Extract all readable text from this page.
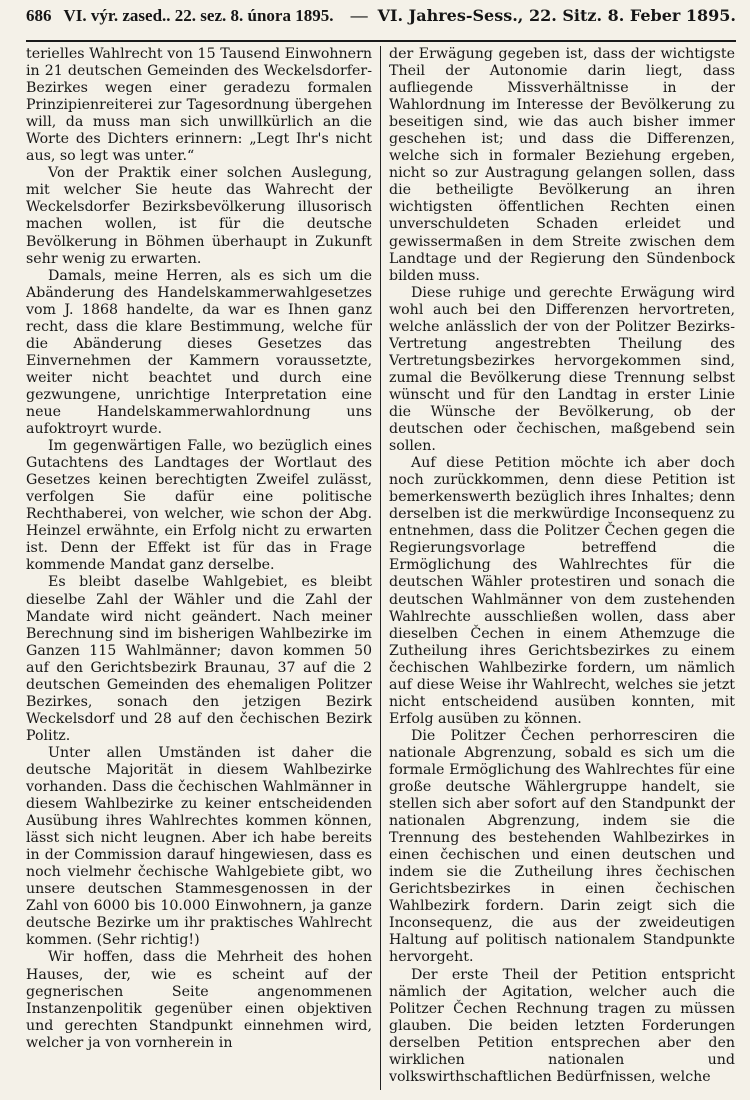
686 VI. výr. zased.. 22. sez. 8. února 1895.	— VI. Jahres-Sess., 22. Sitz. 8. Feber 1895.

terielles Wahlrecht von 15 Tausend Einwohnern in 21 deutschen Gemeinden des Weckelsdorfer-Bezirkes wegen einer geradezu formalen Prinzipienreiterei zur Tagesordnung übergehen will, da muss man sich unwillkürlich an die Worte des Dichters erinnern: „Legt Ihr's nicht aus, so legt was unter.“

Von der Praktik einer solchen Auslegung, mit welcher Sie heute das Wahrecht der Weckelsdorfer Bezirksbevölkerung illusorisch machen wollen, ist für die deutsche Bevölkerung in Böhmen überhaupt in Zukunft sehr wenig zu erwarten.

Damals, meine Herren, als es sich um die Abänderung des Handelskammerwahlgesetzes vom J. 1868 handelte, da war es Ihnen ganz recht, dass die klare Bestimmung, welche für die Abänderung dieses Gesetzes das Einvernehmen der Kammern voraussetzte, weiter nicht beachtet und durch eine gezwungene, unrichtige Interpretation eine neue Handelskammerwahlordnung uns aufoktroyrt wurde.

Im gegenwärtigen Falle, wo bezüglich eines Gutachtens des Landtages der Wortlaut des Gesetzes keinen berechtigten Zweifel zulässt, verfolgen Sie dafür eine politische Rechthaberei, von welcher, wie schon der Abg. Heinzel erwähnte, ein Erfolg nicht zu erwarten ist. Denn der Effekt ist für das in Frage kommende Mandat ganz derselbe.

Es bleibt daselbe Wahlgebiet, es bleibt dieselbe Zahl der Wähler und die Zahl der Mandate wird nicht geändert. Nach meiner Berechnung sind im bisherigen Wahlbezirke im Ganzen 115 Wahlmänner; davon kommen 50 auf den Gerichtsbezirk Braunau, 37 auf die 2 deutschen Gemeinden des ehemaligen Politzer Bezirkes, sonach den jetzigen Bezirk Weckelsdorf und 28 auf den čechischen Bezirk Politz.

Unter allen Umständen ist daher die deutsche Majorität in diesem Wahlbezirke vorhanden. Dass die čechischen Wahlmänner in diesem Wahlbezirke zu keiner entscheidenden Ausübung ihres Wahlrechtes kommen können, lässt sich nicht leugnen. Aber ich habe bereits in der Commission darauf hingewiesen, dass es noch vielmehr čechische Wahlgebiete gibt, wo unsere deutschen Stammesgenossen in der Zahl von 6000 bis 10.000 Einwohnern, ja ganze deutsche Bezirke um ihr praktisches Wahlrecht kommen. (Sehr richtig!)

Wir hoffen, dass die Mehrheit des hohen Hauses, der, wie es scheint auf der gegnerischen Seite angenommenen Instanzenpolitik gegenüber einen objektiven und gerechten Standpunkt einnehmen wird, welcher ja von vornherein in

der Erwägung gegeben ist, dass der wichtigste Theil der Autonomie darin liegt, dass aufliegende Missverhältnisse in der Wahlordnung im Interesse der Bevölkerung zu beseitigen sind, wie das auch bisher immer geschehen ist; und dass die Differenzen, welche sich in formaler Beziehung ergeben, nicht so zur Austragung gelangen sollen, dass die betheiligte Bevölkerung an ihren wichtigsten öffentlichen Rechten einen unverschuldeten Schaden erleidet und gewissermaßen in dem Streite zwischen dem Landtage und der Regierung den Sündenbock bilden muss.

Diese ruhige und gerechte Erwägung wird wohl auch bei den Differenzen hervortreten, welche anlässlich der von der Politzer Bezirks-Vertretung angestrebten Theilung des Vertretungsbezirkes hervorgekommen sind, zumal die Bevölkerung diese Trennung selbst wünscht und für den Landtag in erster Linie die Wünsche der Bevölkerung, ob der deutschen oder čechischen, maßgebend sein sollen.

Auf diese Petition möchte ich aber doch noch zurückkommen, denn diese Petition ist bemerkenswerth bezüglich ihres Inhaltes; denn derselben ist die merkwürdige Inconsequenz zu entnehmen, dass die Politzer Čechen gegen die Regierungsvorlage betreffend die Ermöglichung des Wahlrechtes für die deutschen Wähler protestiren und sonach die deutschen Wahlmänner von dem zustehenden Wahlrechte ausschließen wollen, dass aber dieselben Čechen in einem Athemzuge die Zutheilung ihres Gerichtsbezirkes zu einem čechischen Wahlbezirke fordern, um nämlich auf diese Weise ihr Wahlrecht, welches sie jetzt nicht entscheidend ausüben konnten, mit Erfolg ausüben zu können.

Die Politzer Čechen perhorresciren die nationale Abgrenzung, sobald es sich um die formale Ermöglichung des Wahlrechtes für eine große deutsche Wählergruppe handelt, sie stellen sich aber sofort auf den Standpunkt der nationalen Abgrenzung, indem sie die Trennung des bestehenden Wahlbezirkes in einen čechischen und einen deutschen und indem sie die Zutheilung ihres čechischen Gerichtsbezirkes in einen čechischen Wahlbezirk fordern. Darin zeigt sich die Inconsequenz, die aus der zweideutigen Haltung auf politisch nationalem Standpunkte hervorgeht.

Der erste Theil der Petition entspricht nämlich der Agitation, welcher auch die Politzer Čechen Rechnung tragen zu müssen glauben. Die beiden letzten Forderungen derselben Petition entsprechen aber den wirklichen nationalen und volkswirthschaftlichen Bedürfnissen, welche
